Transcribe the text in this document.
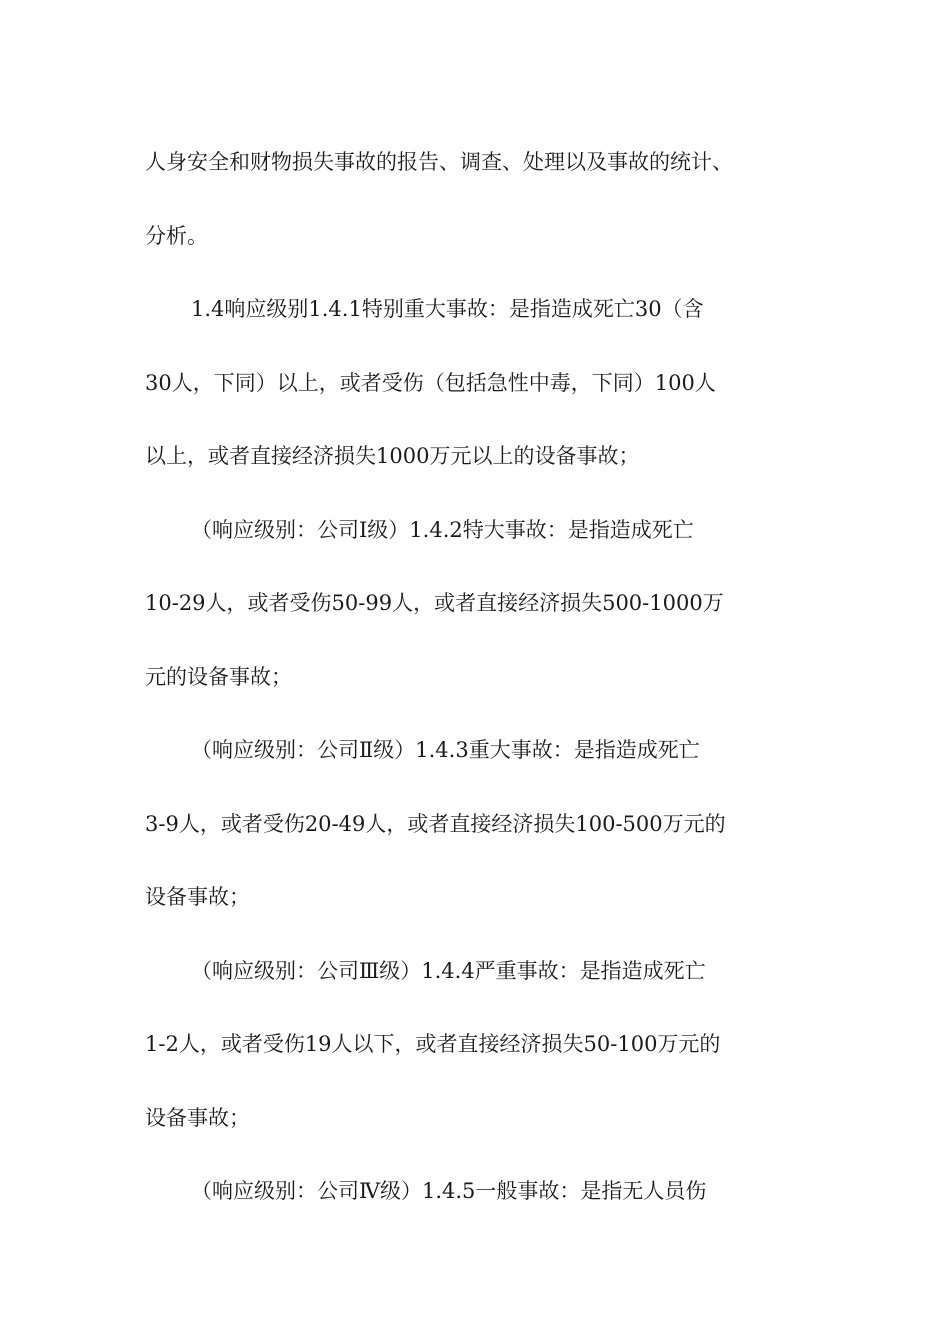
人身安全和财物损失事故的报告、调查、处理以及事故的统计、
分析。
1.4响应级别1.4.1特别重大事故：是指造成死亡30（含
30人，下同）以上，或者受伤（包括急性中毒，下同）100人
以上，或者直接经济损失1000万元以上的设备事故；
（响应级别：公司Ⅰ级）1.4.2特大事故：是指造成死亡
10-29人，或者受伤50-99人，或者直接经济损失500-1000万
元的设备事故；
（响应级别：公司Ⅱ级）1.4.3重大事故：是指造成死亡
3-9人，或者受伤20-49人，或者直接经济损失100-500万元的
设备事故；
（响应级别：公司Ⅲ级）1.4.4严重事故：是指造成死亡
1-2人，或者受伤19人以下，或者直接经济损失50-100万元的
设备事故；
（响应级别：公司Ⅳ级）1.4.5一般事故：是指无人员伤
